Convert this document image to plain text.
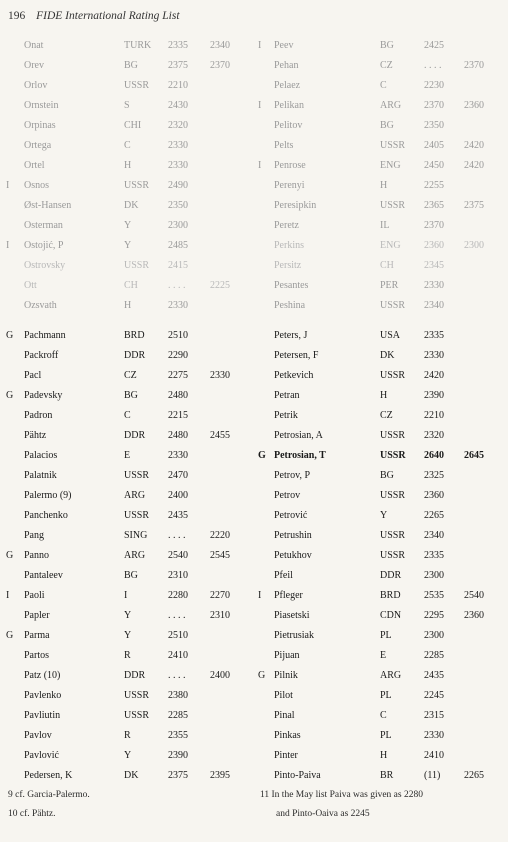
196 FIDE International Rating List
Onat	TURK 2335 2340
Orev	BG	2375 2370
Orlov	USSR 2210
Ornstein	S	2430
Orpinas	CHI	2320
Ortega	C	2330
Ortel	H	2330
I Osnos	USSR 2490
Øst-Hansen	DK	2350
Osterman	Y	2300
I Ostojić, P	Y	2485
Ostrovsky	USSR 2415
Ott	CH	. . . . 2225
Ozsvath	H	2330
G Pachmann	BRD 2510
Packroff	DDR 2290
Pacl	CZ	2275 2330
G Padevsky	BG	2480
Padron	C	2215
Pähtz	DDR 2480 2455
Palacios	E	2330
Palatnik	USSR 2470
Palermo (9)	ARG 2400
Panchenko	USSR 2435
Pang	SING . . . . 2220
G Panno	ARG 2540 2545
Pantaleev	BG	2310
I Paoli	I	2280 2270
Papler	Y	. . . . 2310
G Parma	Y	2510
Partos	R	2410
Patz (10)	DDR . . . . 2400
Pavlenko	USSR 2380
Pavliutin	USSR 2285
Pavlov	R	2355
Pavlović	Y	2390
Pedersen, K	DK	2375 2395
I Peev	BG	2425
Pehan	CZ	. . . . 2370
Pelaez	C	2230
I Pelikan	ARG 2370 2360
Pelitov	BG	2350
Pelts	USSR 2405 2420
I Penrose	ENG 2450 2420
Perenyi	H	2255
Peresipkin	USSR 2365 2375
Peretz	IL	2370
Perkins	ENG 2360 2300
Persitz	CH	2345
Pesantes	PER	2330
Peshina	USSR 2340
Peters, J	USA 2335
Petersen, F	DK	2330
Petkevich	USSR 2420
Petran	H	2390
Petrik	CZ	2210
Petrosian, A	USSR 2320
G Petrosian, T	USSR 2640 2645
Petrov, P	BG	2325
Petrov	USSR 2360
Petrović	Y	2265
Petrushin	USSR 2340
Petukhov	USSR 2335
Pfeil	DDR 2300
I Pfleger	BRD 2535 2540
Piasetski	CDN 2295 2360
Pietrusiak	PL	2300
Pijuan	E	2285
G Pilnik	ARG 2435
Pilot	PL	2245
Pinal	C	2315
Pinkas	PL	2330
Pinter	H	2410
Pinto-Paiva	BR	(11) 2265
9 cf. Garcia-Palermo.
10 cf. Pähtz.
11 In the May list Paiva was given as 2280
and Pinto-Oaiva as 2245
